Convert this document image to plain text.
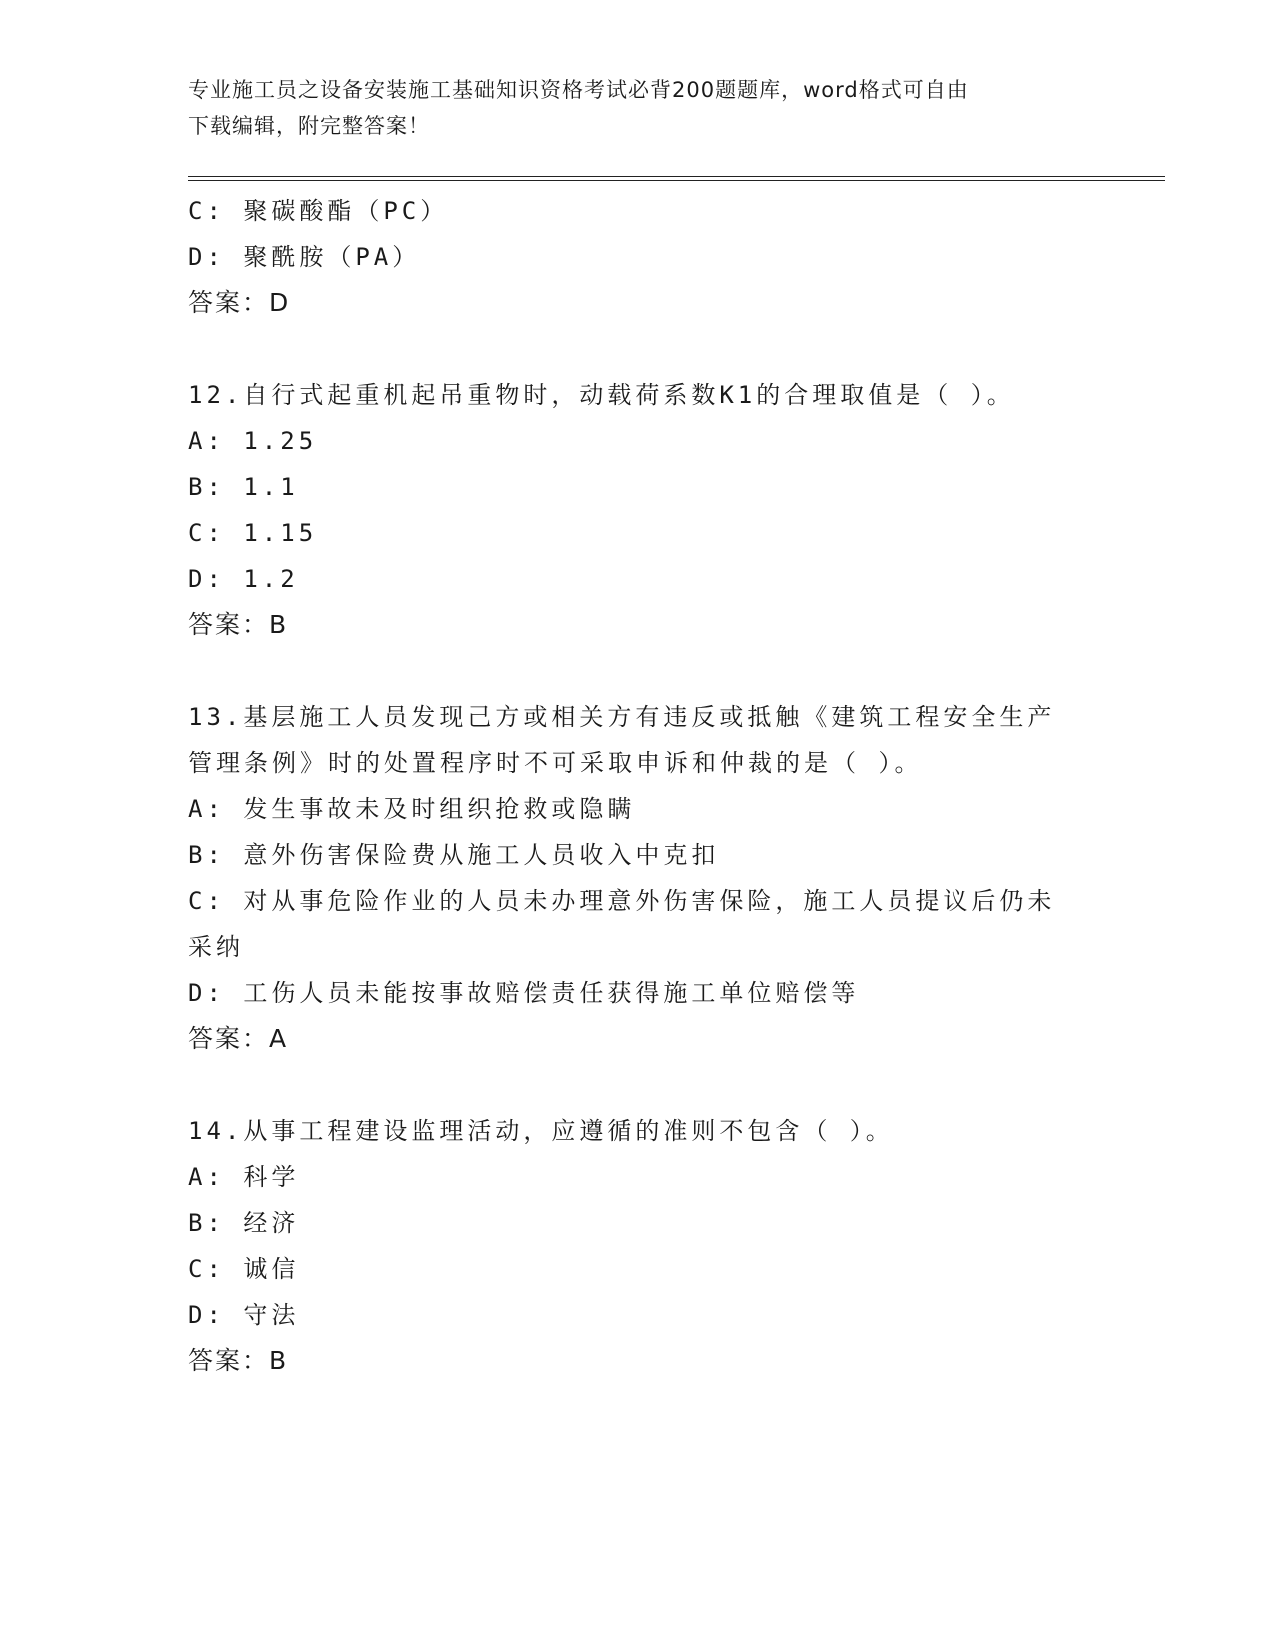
专业施工员之设备安装施工基础知识资格考试必背200题题库，word格式可自由
下载编辑，附完整答案！
C: 聚碳酸酯（PC）
D: 聚酰胺（PA）
答案：D
12.自行式起重机起吊重物时，动载荷系数K1的合理取值是（ ）。
A: 1.25
B: 1.1
C: 1.15
D: 1.2
答案：B
13.基层施工人员发现己方或相关方有违反或抵触《建筑工程安全生产
管理条例》时的处置程序时不可采取申诉和仲裁的是（ ）。
A: 发生事故未及时组织抢救或隐瞒
B: 意外伤害保险费从施工人员收入中克扣
C: 对从事危险作业的人员未办理意外伤害保险，施工人员提议后仍未
采纳
D: 工伤人员未能按事故赔偿责任获得施工单位赔偿等
答案：A
14.从事工程建设监理活动，应遵循的准则不包含（ ）。
A: 科学
B: 经济
C: 诚信
D: 守法
答案：B
